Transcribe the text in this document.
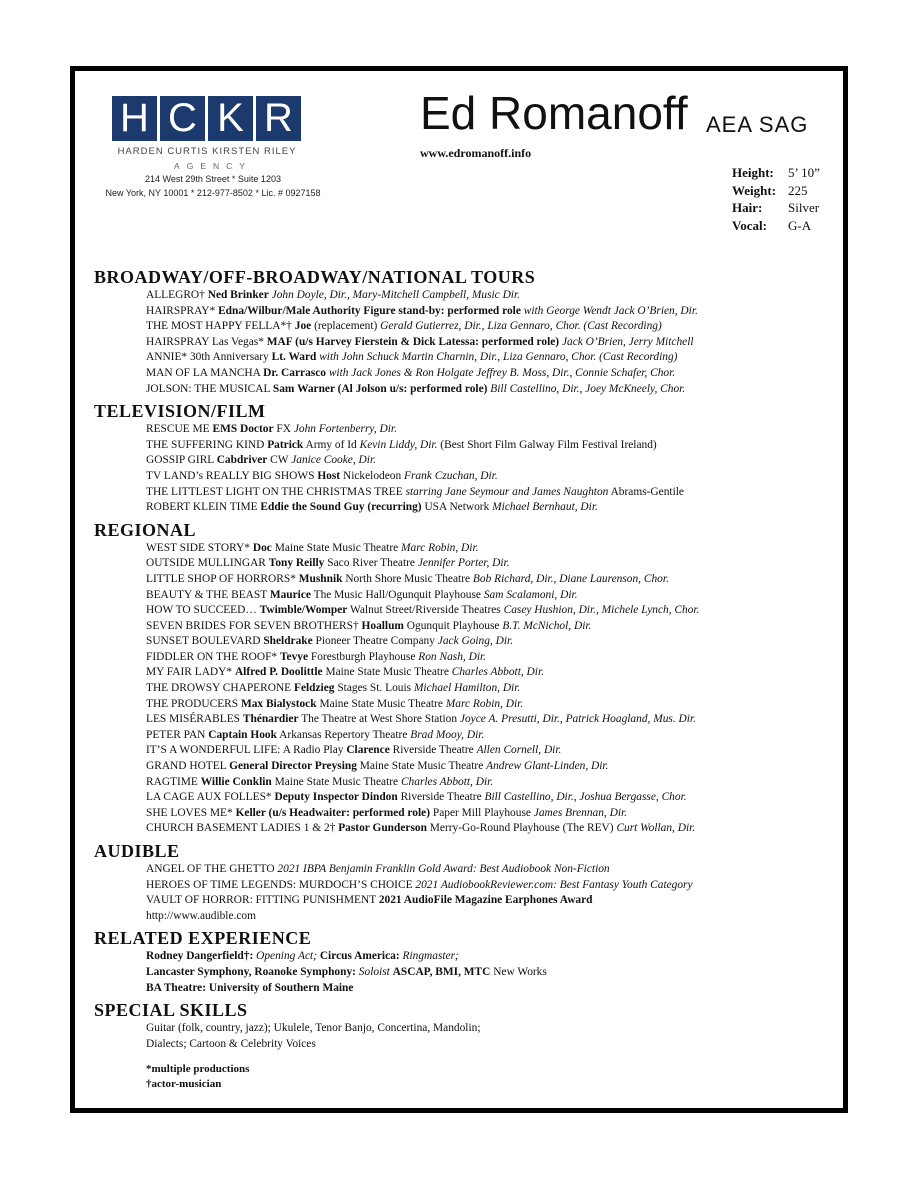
H C K R
HARDEN CURTIS KIRSTEN RILEY
AGENCY
214 West 29th Street * Suite 1203
New York, NY 10001 * 212-977-8502 * Lic. # 0927158
Ed Romanoff AEA SAG
www.edromanoff.info
Height:	5’ 10”
Weight: 225
Hair:	Silver
Vocal:	G-A
BROADWAY/OFF-BROADWAY/NATIONAL TOURS
ALLEGRO† Ned Brinker John Doyle, Dir., Mary-Mitchell Campbell, Music Dir.
HAIRSPRAY* Edna/Wilbur/Male Authority Figure stand-by: performed role with George Wendt Jack O’Brien, Dir.
THE MOST HAPPY FELLA*† Joe (replacement) Gerald Gutierrez, Dir., Liza Gennaro, Chor. (Cast Recording)
HAIRSPRAY Las Vegas* MAF (u/s Harvey Fierstein & Dick Latessa: performed role) Jack O’Brien, Jerry Mitchell
ANNIE* 30th Anniversary Lt. Ward with John Schuck Martin Charnin, Dir., Liza Gennaro, Chor. (Cast Recording)
MAN OF LA MANCHA Dr. Carrasco with Jack Jones & Ron Holgate Jeffrey B. Moss, Dir., Connie Schafer, Chor.
JOLSON: THE MUSICAL Sam Warner (Al Jolson u/s: performed role) Bill Castellino, Dir., Joey McKneely, Chor.
TELEVISION/FILM
RESCUE ME EMS Doctor FX John Fortenberry, Dir.
THE SUFFERING KIND Patrick Army of Id Kevin Liddy, Dir. (Best Short Film Galway Film Festival Ireland)
GOSSIP GIRL Cabdriver CW Janice Cooke, Dir.
TV LAND’s REALLY BIG SHOWS Host Nickelodeon Frank Czuchan, Dir.
THE LITTLEST LIGHT ON THE CHRISTMAS TREE starring Jane Seymour and James Naughton Abrams-Gentile
ROBERT KLEIN TIME Eddie the Sound Guy (recurring) USA Network Michael Bernhaut, Dir.
REGIONAL
WEST SIDE STORY* Doc Maine State Music Theatre Marc Robin, Dir.
OUTSIDE MULLINGAR Tony Reilly Saco River Theatre Jennifer Porter, Dir.
LITTLE SHOP OF HORRORS* Mushnik North Shore Music Theatre Bob Richard, Dir., Diane Laurenson, Chor.
BEAUTY & THE BEAST Maurice The Music Hall/Ogunquit Playhouse Sam Scalamoni, Dir.
HOW TO SUCCEED… Twimble/Womper Walnut Street/Riverside Theatres Casey Hushion, Dir., Michele Lynch, Chor.
SEVEN BRIDES FOR SEVEN BROTHERS† Hoallum Ogunquit Playhouse B.T. McNichol, Dir.
SUNSET BOULEVARD Sheldrake Pioneer Theatre Company Jack Going, Dir.
FIDDLER ON THE ROOF* Tevye Forestburgh Playhouse Ron Nash, Dir.
MY FAIR LADY* Alfred P. Doolittle Maine State Music Theatre Charles Abbott, Dir.
THE DROWSY CHAPERONE Feldzieg Stages St. Louis Michael Hamilton, Dir.
THE PRODUCERS Max Bialystock Maine State Music Theatre Marc Robin, Dir.
LES MISÉRABLES Thénardier The Theatre at West Shore Station Joyce A. Presutti, Dir., Patrick Hoagland, Mus. Dir.
PETER PAN Captain Hook Arkansas Repertory Theatre Brad Mooy, Dir.
IT’S A WONDERFUL LIFE: A Radio Play Clarence Riverside Theatre Allen Cornell, Dir.
GRAND HOTEL General Director Preysing Maine State Music Theatre Andrew Glant-Linden, Dir.
RAGTIME Willie Conklin Maine State Music Theatre Charles Abbott, Dir.
LA CAGE AUX FOLLES* Deputy Inspector Dindon Riverside Theatre Bill Castellino, Dir., Joshua Bergasse, Chor.
SHE LOVES ME* Keller (u/s Headwaiter: performed role) Paper Mill Playhouse James Brennan, Dir.
CHURCH BASEMENT LADIES 1 & 2† Pastor Gunderson Merry-Go-Round Playhouse (The REV) Curt Wollan, Dir.
AUDIBLE
ANGEL OF THE GHETTO 2021 IBPA Benjamin Franklin Gold Award: Best Audiobook Non-Fiction
HEROES OF TIME LEGENDS: MURDOCH’S CHOICE 2021 AudiobookReviewer.com: Best Fantasy Youth Category
VAULT OF HORROR: FITTING PUNISHMENT 2021 AudioFile Magazine Earphones Award
http://www.audible.com
RELATED EXPERIENCE
Rodney Dangerfield†: Opening Act; Circus America: Ringmaster;
Lancaster Symphony, Roanoke Symphony: Soloist ASCAP, BMI, MTC New Works
BA Theatre: University of Southern Maine
SPECIAL SKILLS
Guitar (folk, country, jazz); Ukulele, Tenor Banjo, Concertina, Mandolin;
Dialects; Cartoon & Celebrity Voices
*multiple productions
†actor-musician
